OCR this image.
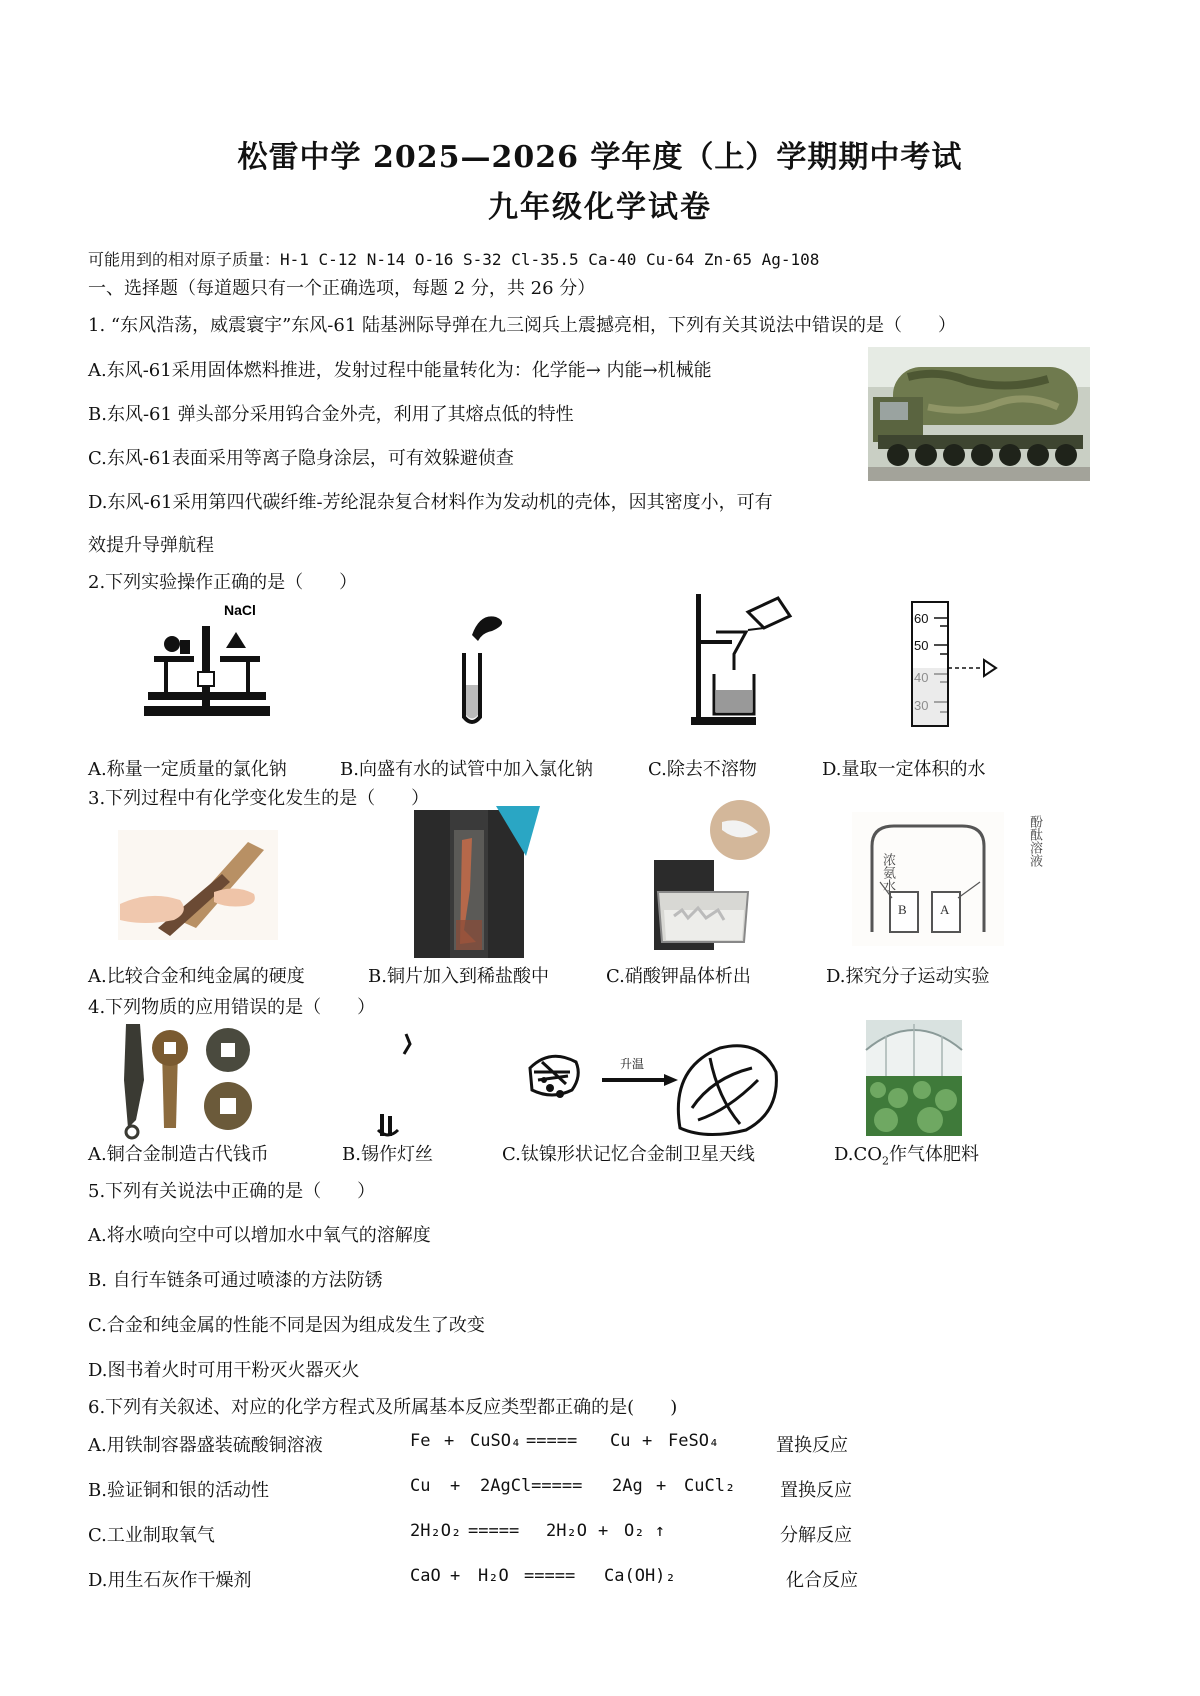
松雷中学 2025—2026 学年度（上）学期期中考试
九年级化学试卷
可能用到的相对原子质量：H-1 C-12 N-14 O-16 S-32 Cl-35.5 Ca-40 Cu-64 Zn-65 Ag-108
一、选择题（每道题只有一个正确选项，每题 2 分，共 26 分）
1. “东风浩荡，威震寰宇”东风-61 陆基洲际导弹在九三阅兵上震撼亮相，下列有关其说法中错误的是（　　）
A.东风-61采用固体燃料推进，发射过程中能量转化为：化学能→ 内能→机械能
B.东风-61 弹头部分采用钨合金外壳，利用了其熔点低的特性
C.东风-61表面采用等离子隐身涂层，可有效躲避侦查
D.东风-61采用第四代碳纤维-芳纶混杂复合材料作为发动机的壳体，因其密度小，可有
效提升导弹航程
2.下列实验操作正确的是（　　）
NaCl
60
50
A.称量一定质量的氯化钠	B.向盛有水的试管中加入氯化钠	C.除去不溶物	D.量取一定体积的水
3.下列过程中有化学变化发生的是（　　）
B	A
浓氨水
酚酞溶液
A.比较合金和纯金属的硬度	B.铜片加入到稀盐酸中	C.硝酸钾晶体析出	D.探究分子运动实验
4.下列物质的应用错误的是（　　）
升温
A.铜合金制造古代钱币	B.锡作灯丝	C.钛镍形状记忆合金制卫星天线	$D.CO_2$作气体肥料
5.下列有关说法中正确的是（　　）
A.将水喷向空中可以增加水中氧气的溶解度
B. 自行车链条可通过喷漆的方法防锈
C.合金和纯金属的性能不同是因为组成发生了改变
D.图书着火时可用干粉灭火器灭火
6.下列有关叙述、对应的化学方程式及所属基本反应类型都正确的是(　　)
A.用铁制容器盛装硫酸铜溶液	Fe + CuSO₄ ===== Cu + FeSO₄	置换反应
B.验证铜和银的活动性	Cu + 2AgCl===== 2Ag + CuCl₂ 置换反应
C.工业制取氧气	2H₂O₂ ===== 2H₂O + O₂ ↑	分解反应
D.用生石灰作干燥剂	CaO + H₂O ===== Ca(OH)₂	化合反应
